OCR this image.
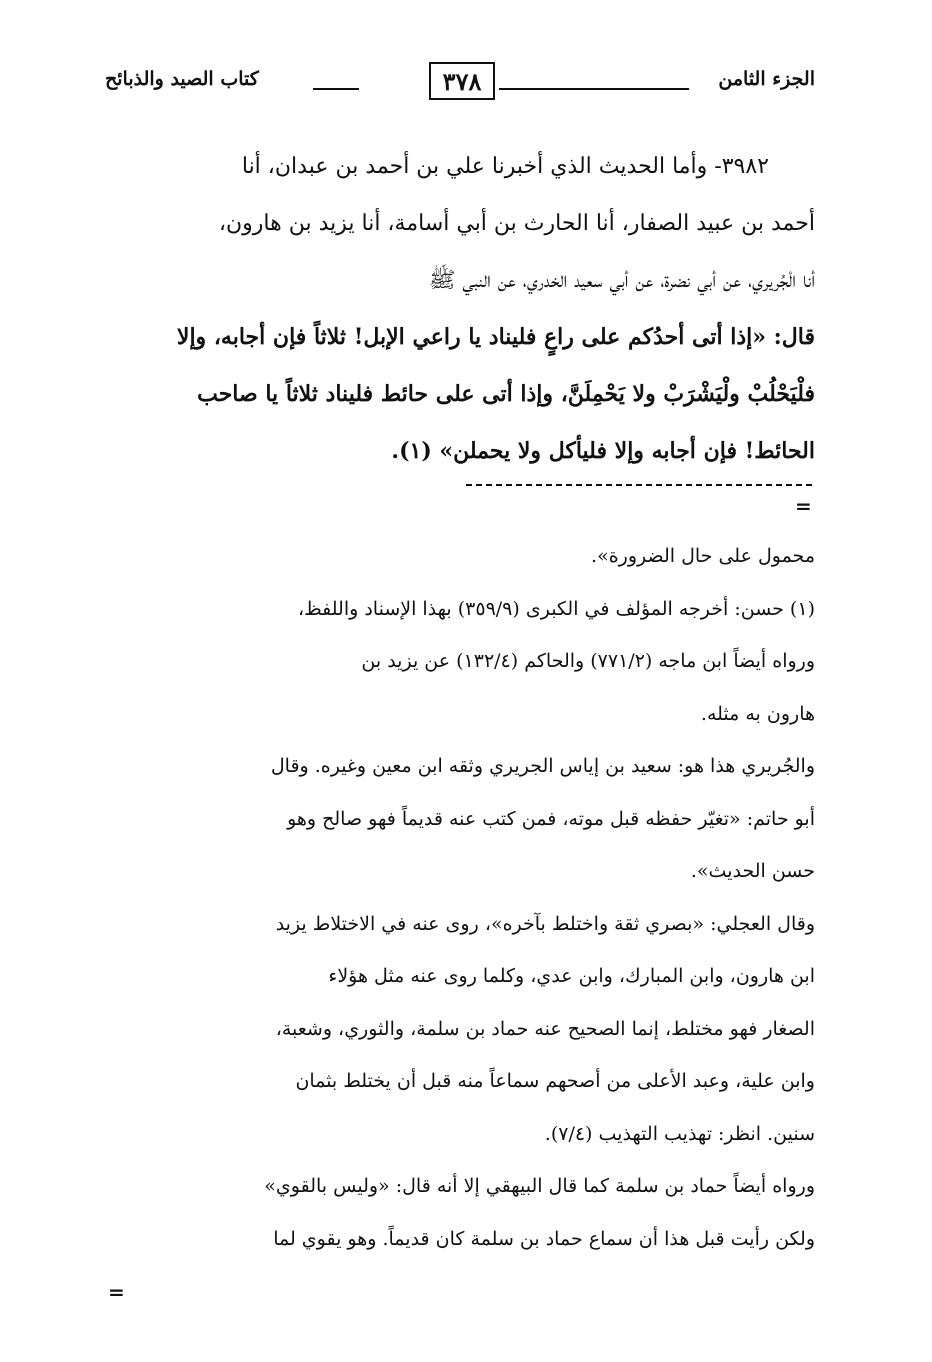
الجزء الثامن
٣٧٨
كتاب الصيد والذبائح
٣٩٨٢- وأما الحديث الذي أخبرنا علي بن أحمد بن عبدان، أنا
أحمد بن عبيد الصفار، أنا الحارث بن أبي أسامة، أنا يزيد بن هارون،
أنا الْجُريري، عن أبي نضرة، عن أبي سعيد الخدري، عن النبي ﷺ
قال: «إذا أتى أحدُكم على راعٍ فليناد يا راعي الإبل! ثلاثاً فإن أجابه، وإلا
فلْيَحْلُبْ ولْيَشْرَبْ ولا يَحْمِلَنَّ، وإذا أتى على حائط فليناد ثلاثاً يا صاحب
الحائط! فإن أجابه وإلا فليأكل ولا يحملن» (١).
=
محمول على حال الضرورة».
(١) حسن: أخرجه المؤلف في الكبرى (٣٥٩/٩) بهذا الإسناد واللفظ،
ورواه أيضاً ابن ماجه (٧٧١/٢) والحاكم (١٣٢/٤) عن يزيد بن
هارون به مثله.
والجُريري هذا هو: سعيد بن إياس الجريري وثقه ابن معين وغيره. وقال
أبو حاتم: «تغيّر حفظه قبل موته، فمن كتب عنه قديماً فهو صالح وهو
حسن الحديث».
وقال العجلي: «بصري ثقة واختلط بآخره»، روى عنه في الاختلاط يزيد
ابن هارون، وابن المبارك، وابن عدي، وكلما روى عنه مثل هؤلاء
الصغار فهو مختلط، إنما الصحيح عنه حماد بن سلمة، والثوري، وشعبة،
وابن علية، وعبد الأعلى من أصحهم سماعاً منه قبل أن يختلط بثمان
سنين. انظر: تهذيب التهذيب (٧/٤).
ورواه أيضاً حماد بن سلمة كما قال البيهقي إلا أنه قال: «وليس بالقوي»
ولكن رأيت قبل هذا أن سماع حماد بن سلمة كان قديماً. وهو يقوي لما
=
